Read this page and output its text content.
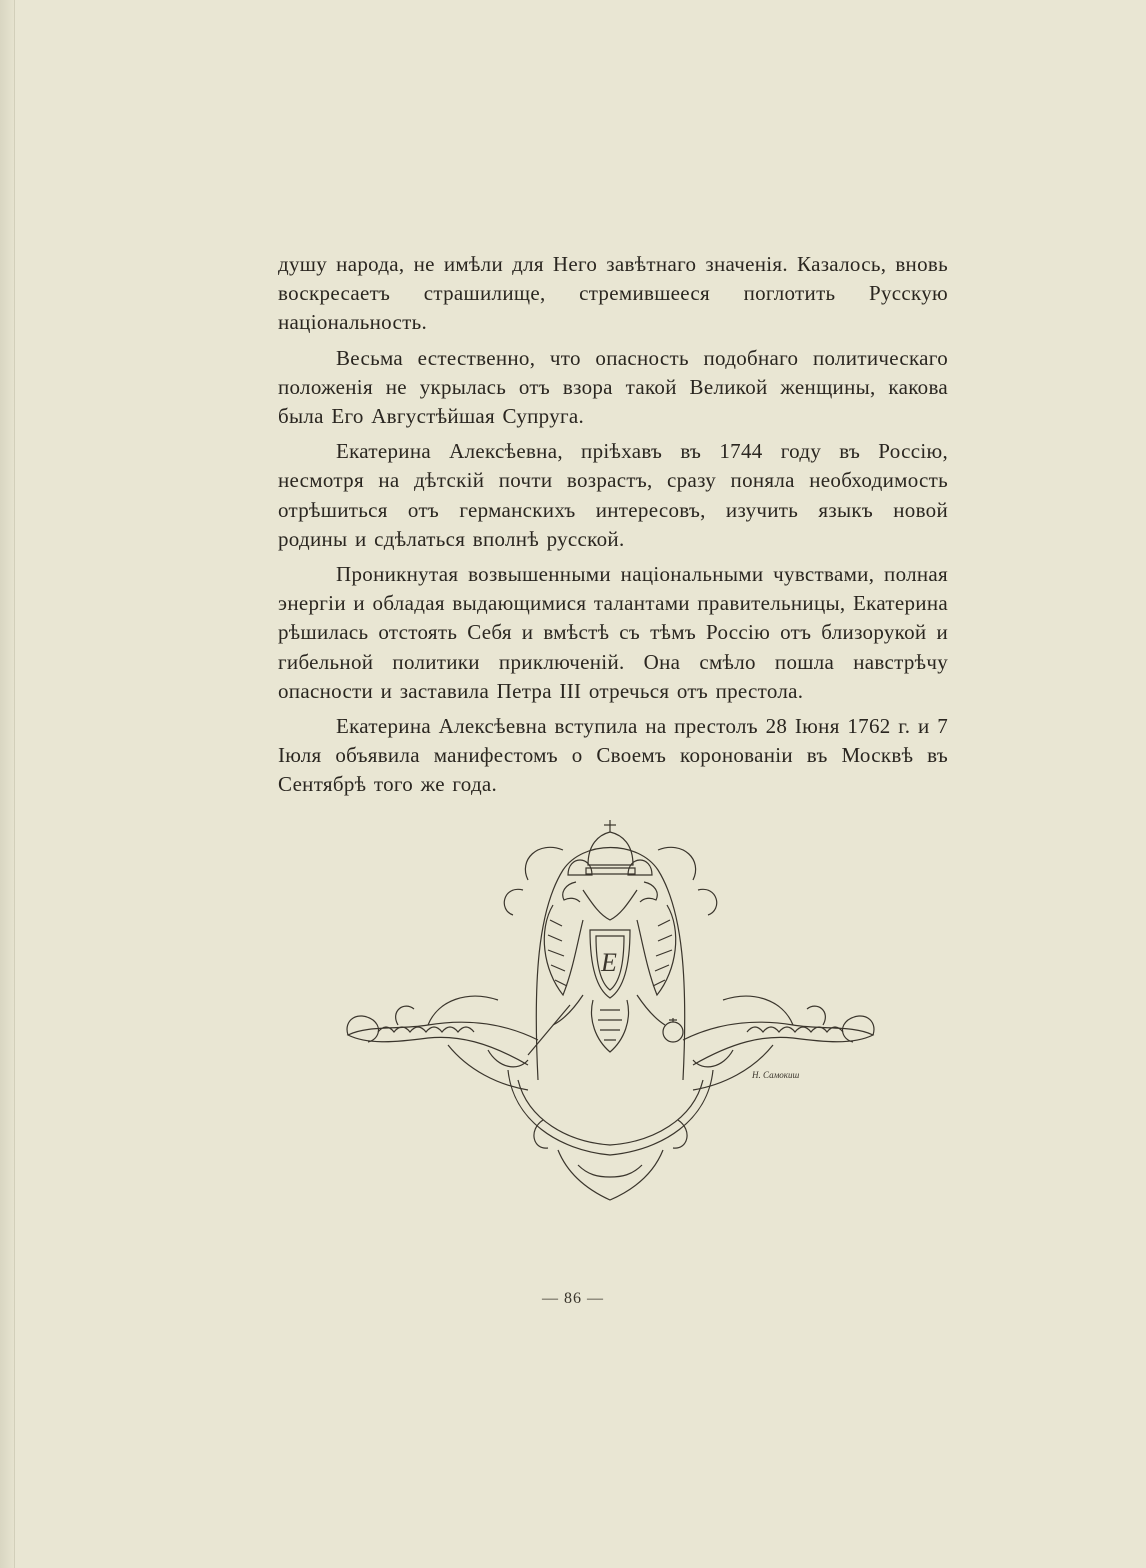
душу народа, не имѣли для Него завѣтнаго значенія. Казалось, вновь воскресаетъ страшилище, стремившееся поглотить Русскую національность.

Весьма естественно, что опасность подобнаго политическаго положенія не укрылась отъ взора такой Великой женщины, какова была Его Августѣйшая Супруга.

Екатерина Алексѣевна, пріѣхавъ въ 1744 году въ Россію, несмотря на дѣтскій почти возрастъ, сразу поняла необходимость отрѣшиться отъ германскихъ интересовъ, изучить языкъ новой родины и сдѣлаться вполнѣ русской.

Проникнутая возвышенными національными чувствами, полная энергіи и обладая выдающимися талантами правительницы, Екатерина рѣшилась отстоять Себя и вмѣстѣ съ тѣмъ Россію отъ близорукой и гибельной политики приключеній. Она смѣло пошла навстрѣчу опасности и заставила Петра III отречься отъ престола.

Екатерина Алексѣевна вступила на престолъ 28 Іюня 1762 г. и 7 Іюля объявила манифестомъ о Своемъ коронованіи въ Москвѣ въ Сентябрѣ того же года.

Е
Н. Самокиш
— 86 —
